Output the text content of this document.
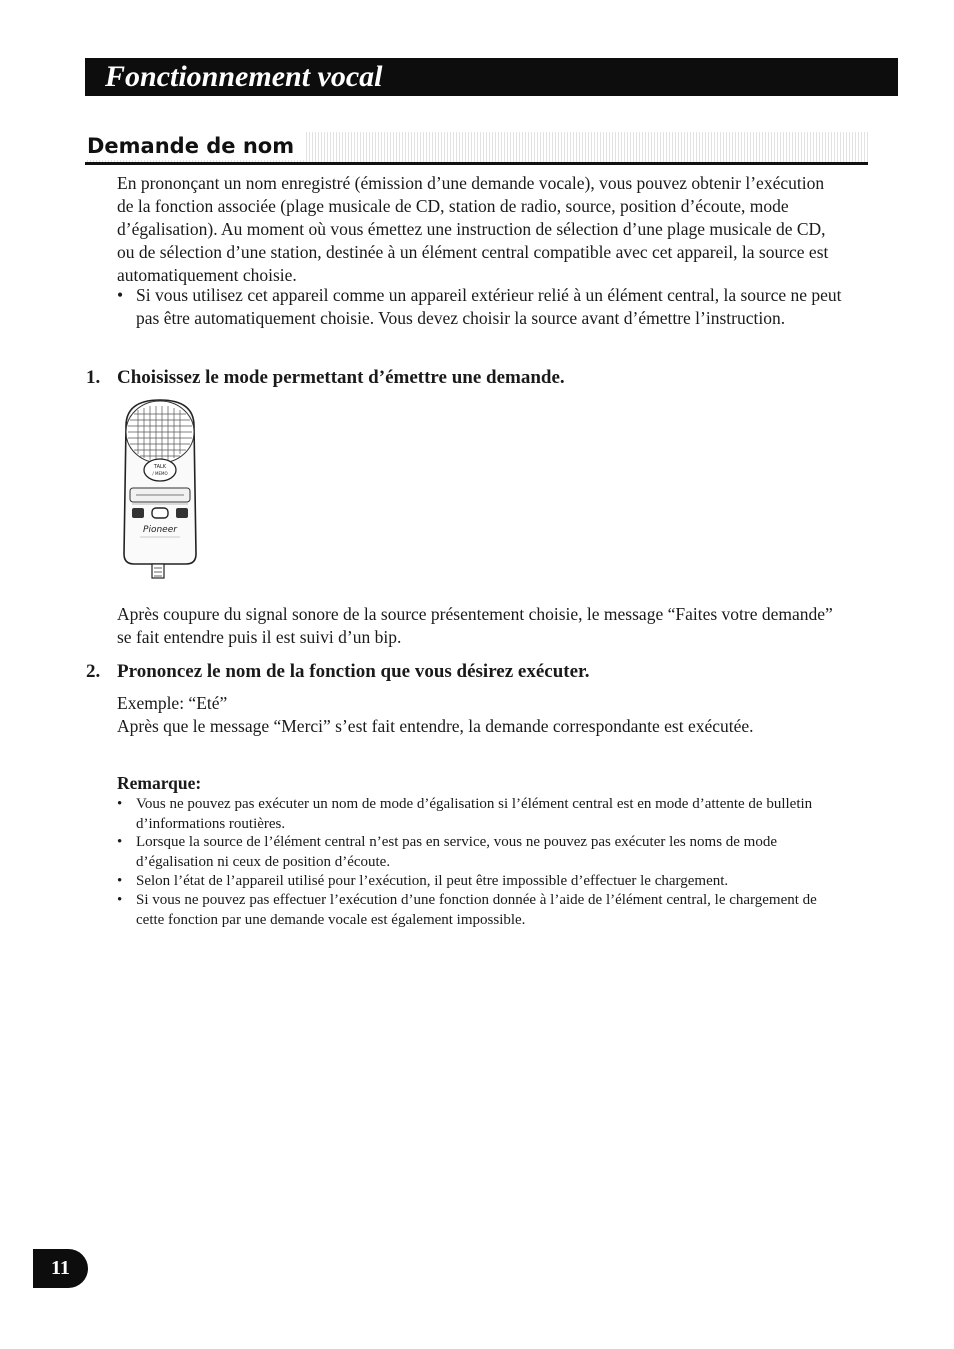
Fonctionnement vocal
Demande de nom

En prononçant un nom enregistré (émission d’une demande vocale), vous pouvez obtenir l’exécution de la fonction associée (plage musicale de CD, station de radio, source, position d’écoute, mode d’égalisation). Au moment où vous émettez une instruction de sélection d’une plage musicale de CD, ou de sélection d’une station, destinée à un élément central compatible avec cet appareil, la source est automatiquement choisie.

• Si vous utilisez cet appareil comme un appareil extérieur relié à un élément central, la source ne peut pas être automatiquement choisie. Vous devez choisir la source avant d’émettre l’instruction.
1. Choisissez le mode permettant d’émettre une demande.
TALK
/ MEMO
Pioneer

Après coupure du signal sonore de la source présentement choisie, le message “Faites votre demande” se fait entendre puis il est suivi d’un bip.

2. Prononcez le nom de la fonction que vous désirez exécuter.

Exemple: “Eté”

Après que le message “Merci” s’est fait entendre, la demande correspondante est exécutée.

Remarque:
• Vous ne pouvez pas exécuter un nom de mode d’égalisation si l’élément central est en mode d’attente de bulletin d’informations routières.
• Lorsque la source de l’élément central n’est pas en service, vous ne pouvez pas exécuter les noms de mode d’égalisation ni ceux de position d’écoute.
• Selon l’état de l’appareil utilisé pour l’exécution, il peut être impossible d’effectuer le chargement.
• Si vous ne pouvez pas effectuer l’exécution d’une fonction donnée à l’aide de l’élément central, le chargement de cette fonction par une demande vocale est également impossible.
11
